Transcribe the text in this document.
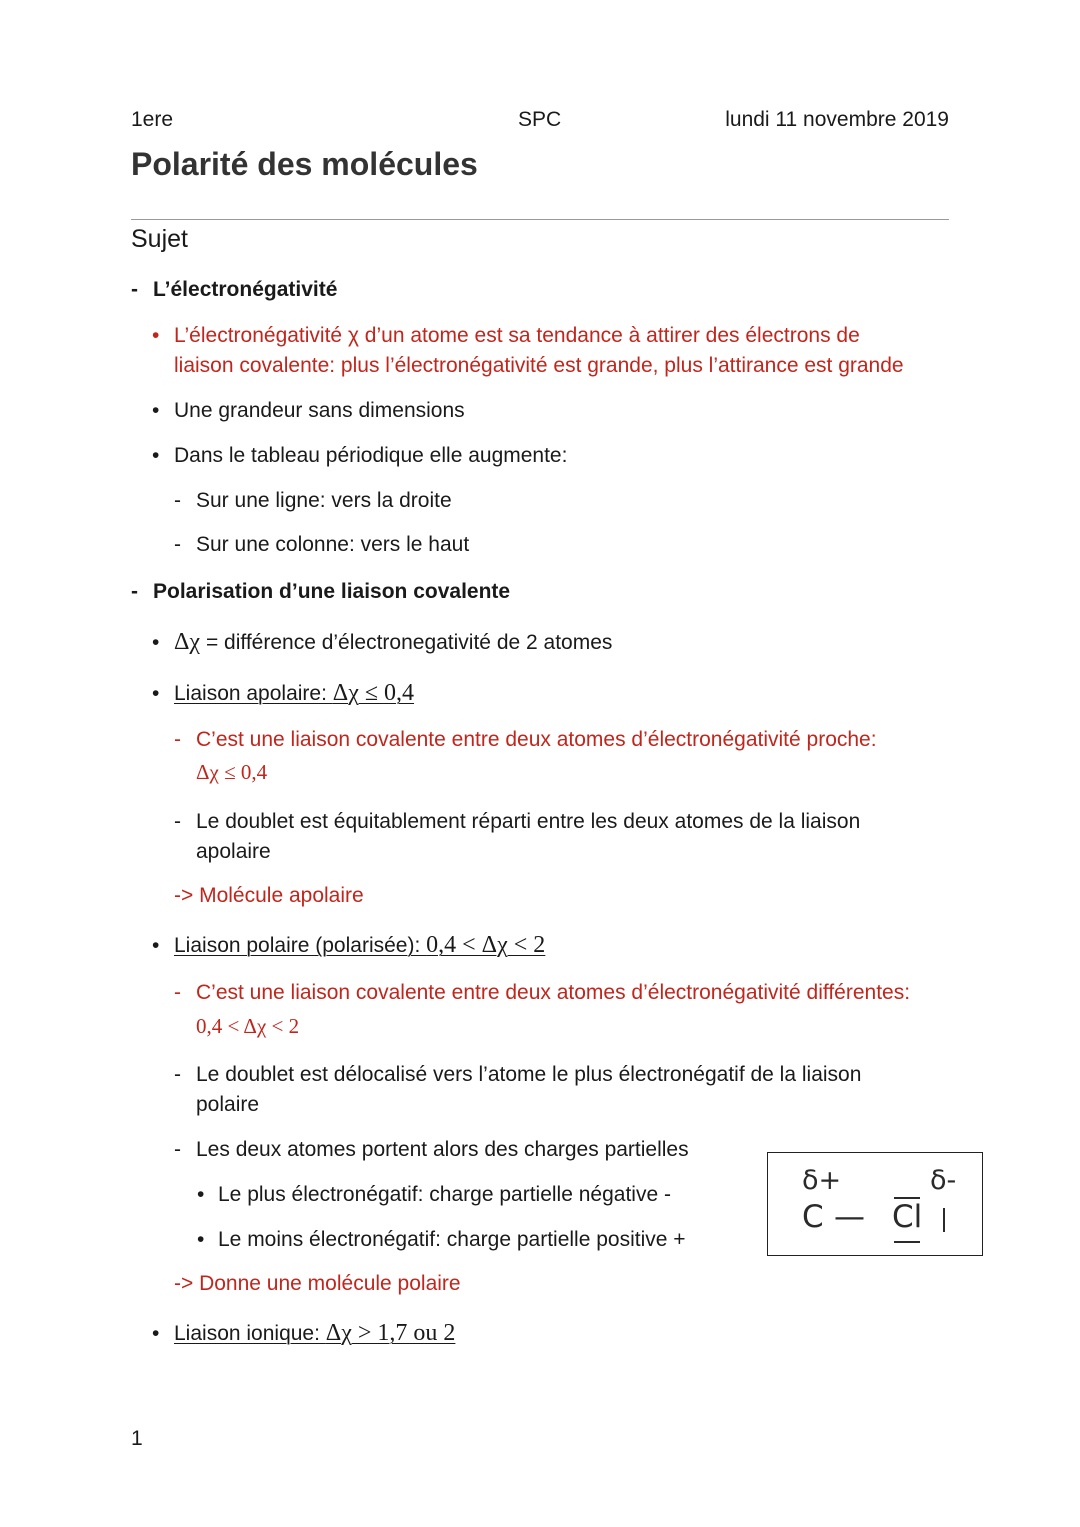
1ere	SPC	lundi 11 novembre 2019
Polarité des molécules
Sujet
- L’électronégativité
• L’électronégativité χ d’un atome est sa tendance à attirer des électrons de
liaison covalente: plus l’électronégativité est grande, plus l’attirance est grande
• Une grandeur sans dimensions
• Dans le tableau périodique elle augmente:
- Sur une ligne: vers la droite
- Sur une colonne: vers le haut
- Polarisation d’une liaison covalente
• Δχ = différence d’électronegativité de 2 atomes
• Liaison apolaire: Δχ ≤ 0,4
- C’est une liaison covalente entre deux atomes d’électronégativité proche:
Δχ ≤ 0,4
- Le doublet est équitablement réparti entre les deux atomes de la liaison
apolaire
-> Molécule apolaire
• Liaison polaire (polarisée): 0,4 < Δχ < 2
- C’est une liaison covalente entre deux atomes d’électronégativité différentes:
0,4 < Δχ < 2
- Le doublet est délocalisé vers l’atome le plus électronégatif de la liaison
polaire
- Les deux atomes portent alors des charges partielles
• Le plus électronégatif: charge partielle négative -
• Le moins électronégatif: charge partielle positive +
-> Donne une molécule polaire
• Liaison ionique: Δχ > 1,7 ou 2
δ+	δ-
C — Cl
1
